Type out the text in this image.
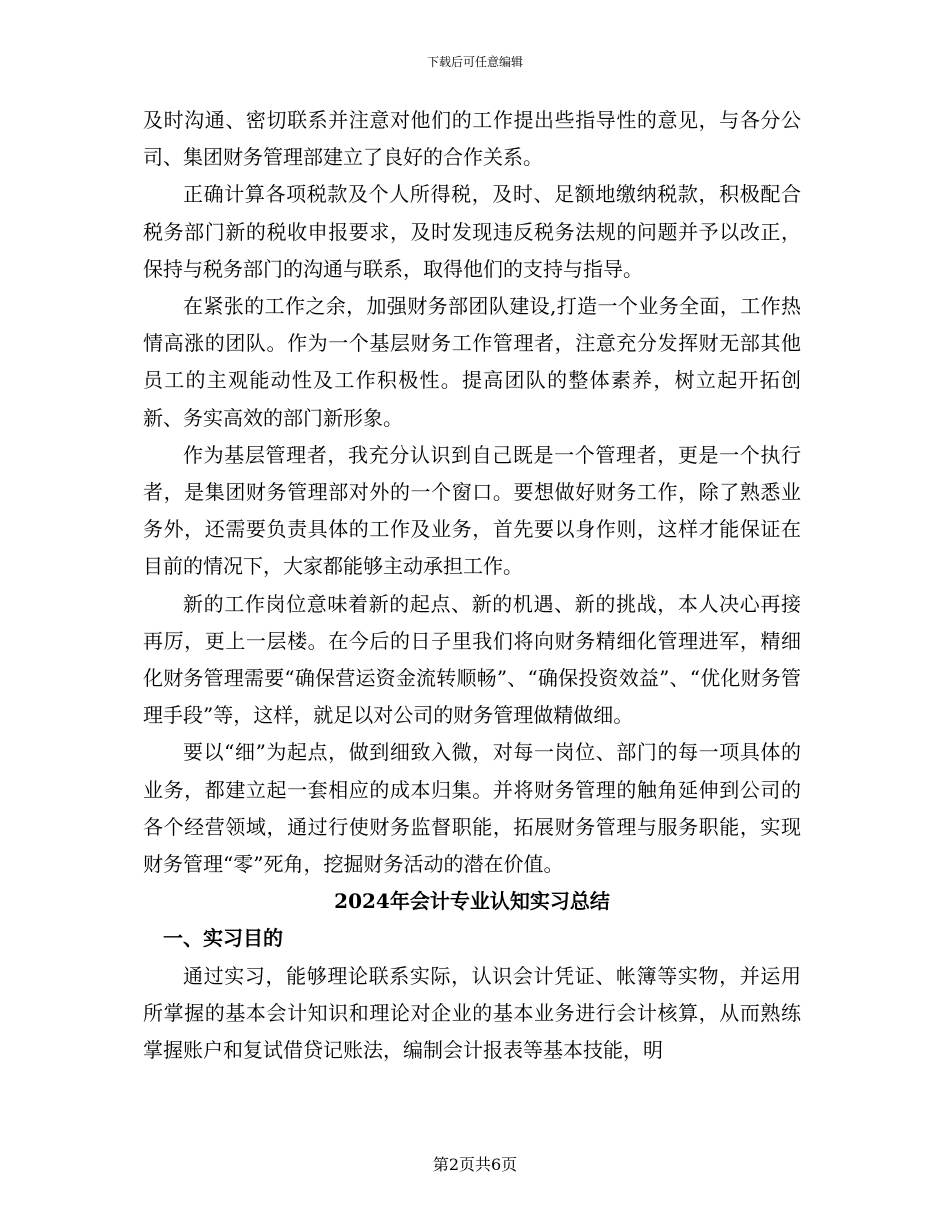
下载后可任意编辑

及时沟通、密切联系并注意对他们的工作提出些指导性的意见，与各分公司、集团财务管理部建立了良好的合作关系。

正确计算各项税款及个人所得税，及时、足额地缴纳税款，积极配合税务部门新的税收申报要求，及时发现违反税务法规的问题并予以改正，保持与税务部门的沟通与联系，取得他们的支持与指导。

在紧张的工作之余，加强财务部团队建设,打造一个业务全面，工作热情高涨的团队。作为一个基层财务工作管理者，注意充分发挥财无部其他员工的主观能动性及工作积极性。提高团队的整体素养，树立起开拓创新、务实高效的部门新形象。

作为基层管理者，我充分认识到自己既是一个管理者，更是一个执行者，是集团财务管理部对外的一个窗口。要想做好财务工作，除了熟悉业务外，还需要负责具体的工作及业务，首先要以身作则，这样才能保证在目前的情况下，大家都能够主动承担工作。

新的工作岗位意味着新的起点、新的机遇、新的挑战，本人决心再接再厉，更上一层楼。在今后的日子里我们将向财务精细化管理进军，精细化财务管理需要“确保营运资金流转顺畅”、“确保投资效益”、“优化财务管理手段”等，这样，就足以对公司的财务管理做精做细。

要以“细”为起点，做到细致入微，对每一岗位、部门的每一项具体的业务，都建立起一套相应的成本归集。并将财务管理的触角延伸到公司的各个经营领域，通过行使财务监督职能，拓展财务管理与服务职能，实现财务管理“零”死角，挖掘财务活动的潜在价值。

2024年会计专业认知实习总结
一、实习目的

通过实习，能够理论联系实际，认识会计凭证、帐簿等实物，并运用所掌握的基本会计知识和理论对企业的基本业务进行会计核算，从而熟练掌握账户和复试借贷记账法，编制会计报表等基本技能，明

第2页共6页
